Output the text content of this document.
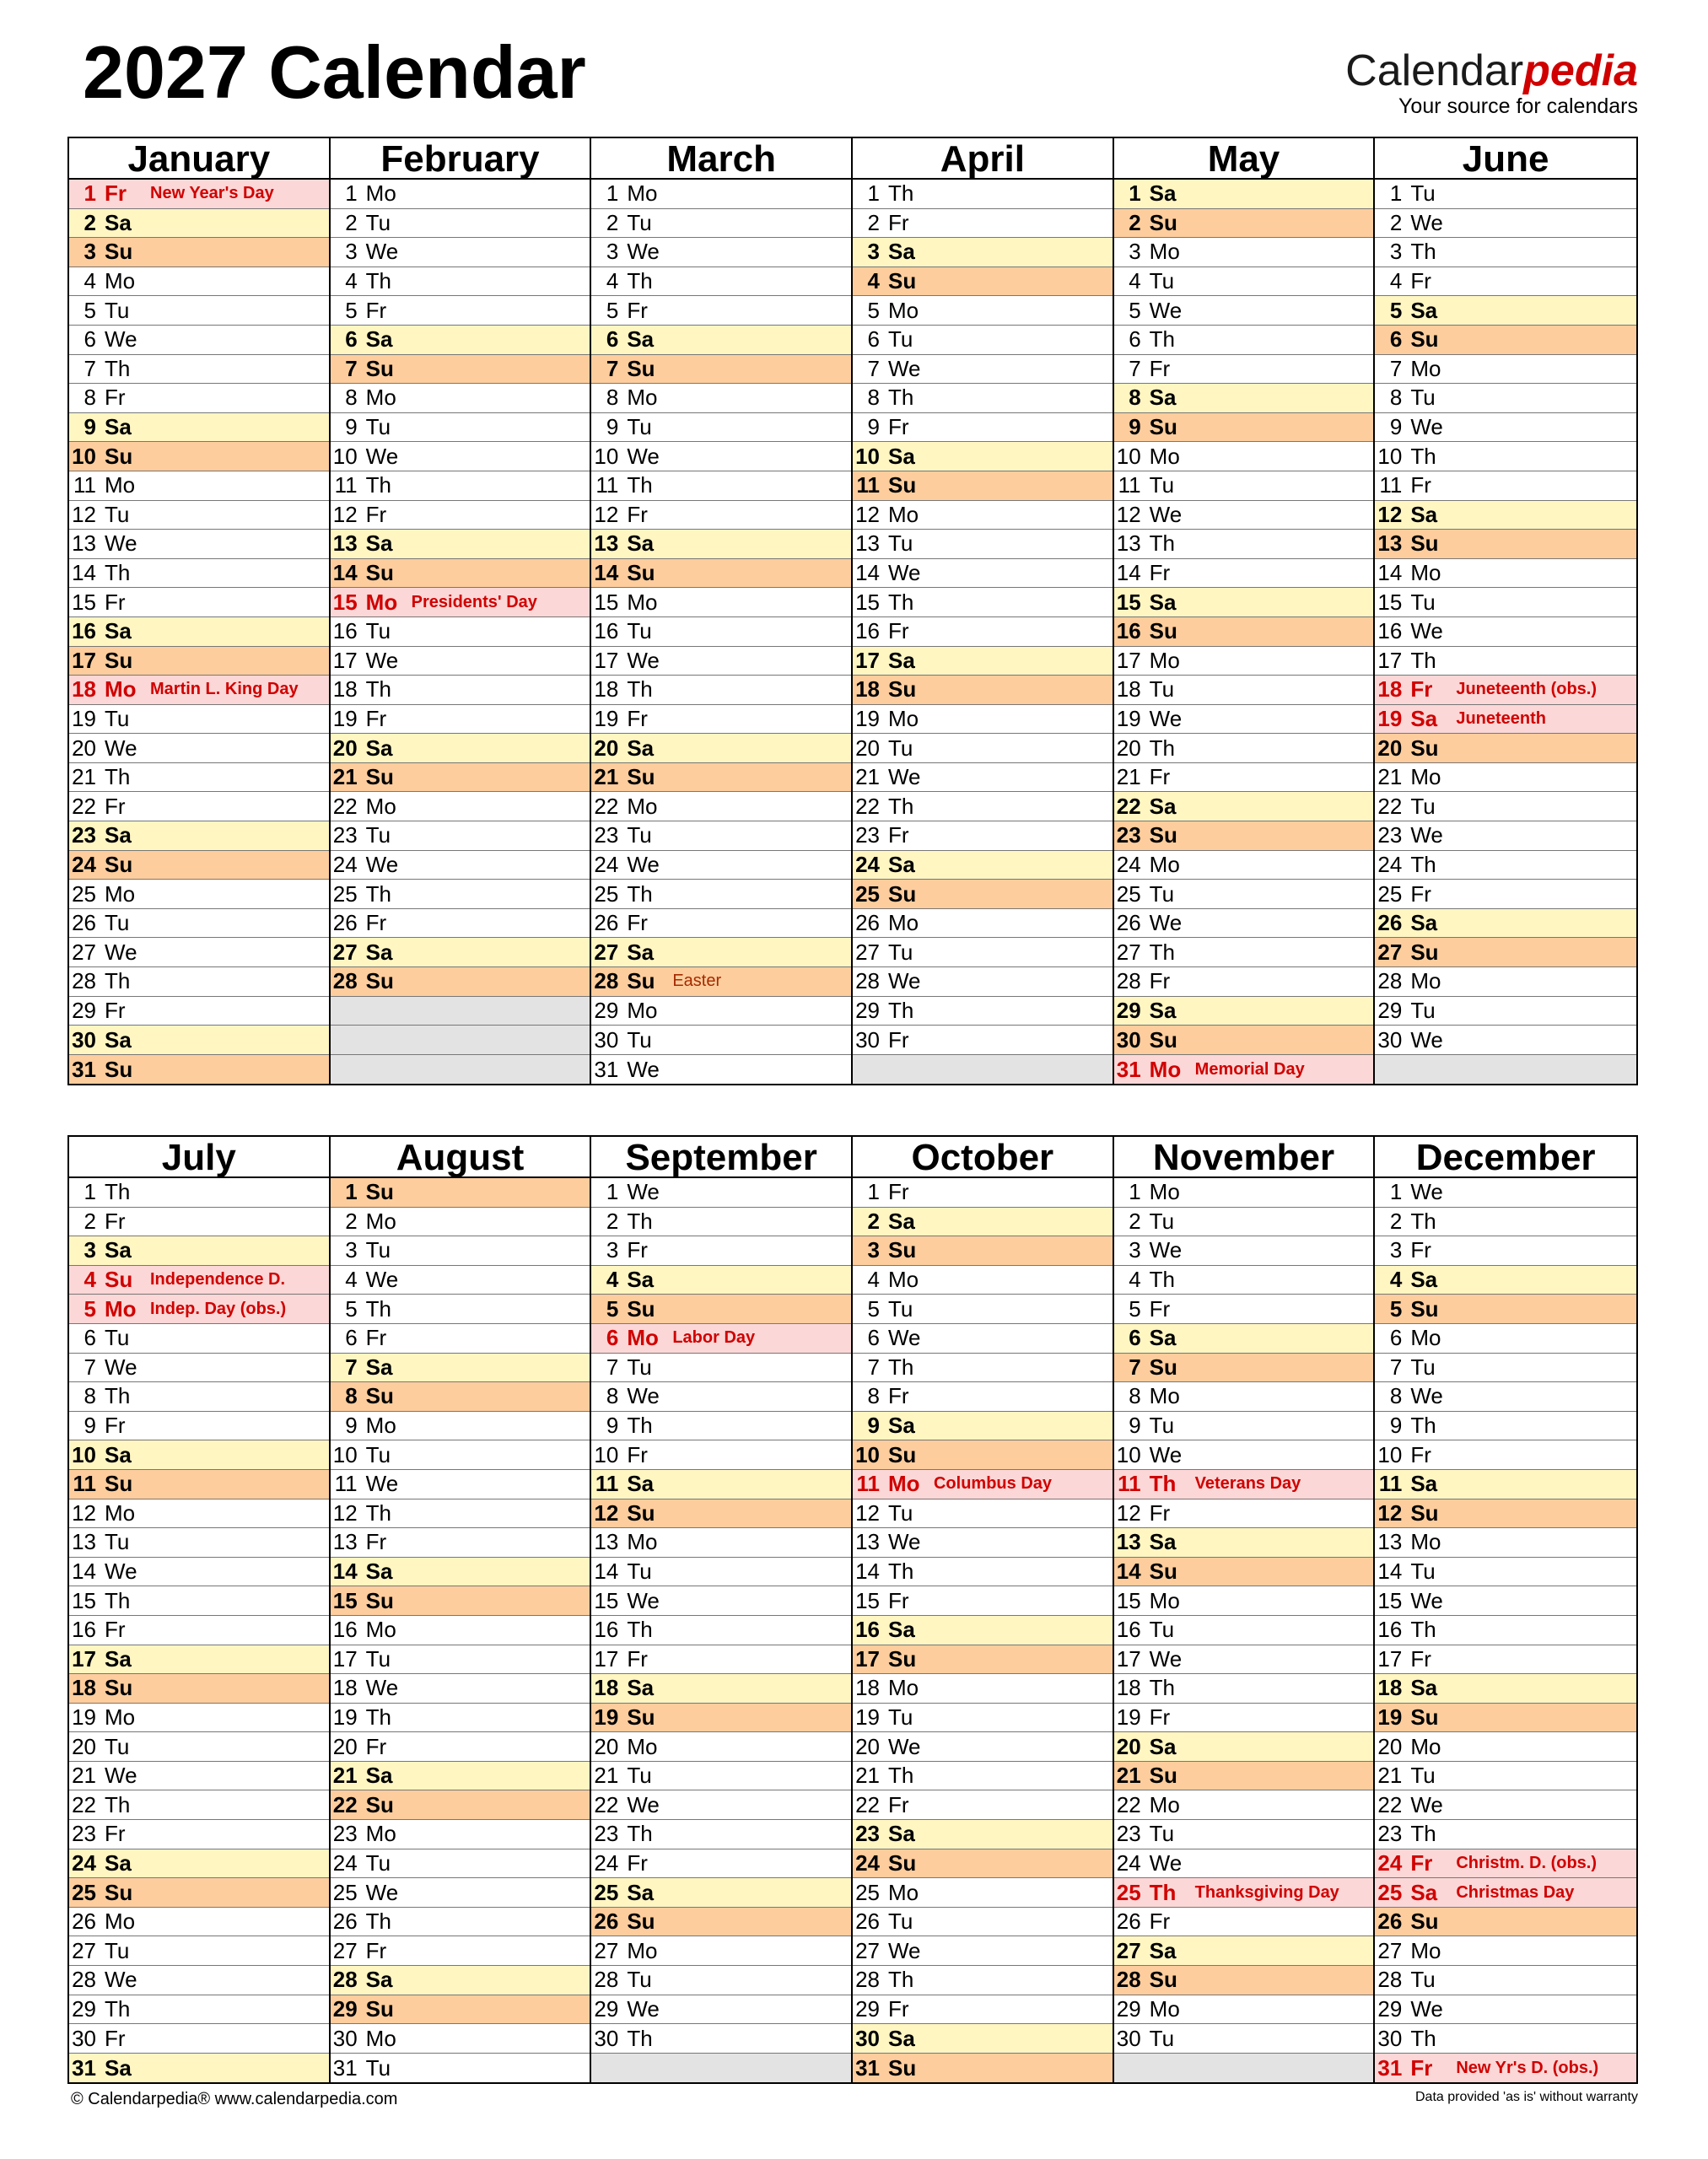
2027 Calendar	Calendarpedia
Your source for calendars
January
1 Fr	New Year's Day
2 Sa
3 Su
4 Mo
5 Tu
6 We
7 Th
8 Fr
9 Sa
10 Su
11 Mo
12 Tu
13 We
14 Th
15 Fr
16 Sa
17 Su
18 Mo Martin L. King Day
19 Tu
20 We
21 Th
22 Fr
23 Sa
24 Su
25 Mo
26 Tu
27 We
28 Th
29 Fr
30 Sa
31 Su
February
1 Mo
2 Tu
3 We
4 Th
5 Fr
6 Sa
7 Su
8 Mo
9 Tu
10 We
11 Th
12 Fr
13 Sa
14 Su
15 Mo Presidents' Day
16 Tu
17 We
18 Th
19 Fr
20 Sa
21 Su
22 Mo
23 Tu
24 We
25 Th
26 Fr
27 Sa
28 Su
March
1 Mo
2 Tu
3 We
4 Th
5 Fr
6 Sa
7 Su
8 Mo
9 Tu
10 We
11 Th
12 Fr
13 Sa
14 Su
15 Mo
16 Tu
17 We
18 Th
19 Fr
20 Sa
21 Su
22 Mo
23 Tu
24 We
25 Th
26 Fr
27 Sa
28 Su	Easter
29 Mo
30 Tu
31 We
April
1 Th
2 Fr
3 Sa
4 Su
5 Mo
6 Tu
7 We
8 Th
9 Fr
10 Sa
11 Su
12 Mo
13 Tu
14 We
15 Th
16 Fr
17 Sa
18 Su
19 Mo
20 Tu
21 We
22 Th
23 Fr
24 Sa
25 Su
26 Mo
27 Tu
28 We
29 Th
30 Fr
May
1 Sa
2 Su
3 Mo
4 Tu
5 We
6 Th
7 Fr
8 Sa
9 Su
10 Mo
11 Tu
12 We
13 Th
14 Fr
15 Sa
16 Su
17 Mo
18 Tu
19 We
20 Th
21 Fr
22 Sa
23 Su
24 Mo
25 Tu
26 We
27 Th
28 Fr
29 Sa
30 Su
31 Mo Memorial Day
June
1 Tu
2 We
3 Th
4 Fr
5 Sa
6 Su
7 Mo
8 Tu
9 We
10 Th
11 Fr
12 Sa
13 Su
14 Mo
15 Tu
16 We
17 Th
18 Fr	Juneteenth (obs.)
19 Sa	Juneteenth
20 Su
21 Mo
22 Tu
23 We
24 Th
25 Fr
26 Sa
27 Su
28 Mo
29 Tu
30 We
July
1 Th
2 Fr
3 Sa
4 Su	Independence D.
5 Mo Indep. Day (obs.)
6 Tu
7 We
8 Th
9 Fr
10 Sa
11 Su
12 Mo
13 Tu
14 We
15 Th
16 Fr
17 Sa
18 Su
19 Mo
20 Tu
21 We
22 Th
23 Fr
24 Sa
25 Su
26 Mo
27 Tu
28 We
29 Th
30 Fr
31 Sa
August
1 Su
2 Mo
3 Tu
4 We
5 Th
6 Fr
7 Sa
8 Su
9 Mo
10 Tu
11 We
12 Th
13 Fr
14 Sa
15 Su
16 Mo
17 Tu
18 We
19 Th
20 Fr
21 Sa
22 Su
23 Mo
24 Tu
25 We
26 Th
27 Fr
28 Sa
29 Su
30 Mo
31 Tu
September
1 We
2 Th
3 Fr
4 Sa
5 Su
6 Mo Labor Day
7 Tu
8 We
9 Th
10 Fr
11 Sa
12 Su
13 Mo
14 Tu
15 We
16 Th
17 Fr
18 Sa
19 Su
20 Mo
21 Tu
22 We
23 Th
24 Fr
25 Sa
26 Su
27 Mo
28 Tu
29 We
30 Th
October
1 Fr
2 Sa
3 Su
4 Mo
5 Tu
6 We
7 Th
8 Fr
9 Sa
10 Su
11 Mo Columbus Day
12 Tu
13 We
14 Th
15 Fr
16 Sa
17 Su
18 Mo
19 Tu
20 We
21 Th
22 Fr
23 Sa
24 Su
25 Mo
26 Tu
27 We
28 Th
29 Fr
30 Sa
31 Su
November
1 Mo
2 Tu
3 We
4 Th
5 Fr
6 Sa
7 Su
8 Mo
9 Tu
10 We
11 Th	Veterans Day
12 Fr
13 Sa
14 Su
15 Mo
16 Tu
17 We
18 Th
19 Fr
20 Sa
21 Su
22 Mo
23 Tu
24 We
25 Th	Thanksgiving Day
26 Fr
27 Sa
28 Su
29 Mo
30 Tu
December
1 We
2 Th
3 Fr
4 Sa
5 Su
6 Mo
7 Tu
8 We
9 Th
10 Fr
11 Sa
12 Su
13 Mo
14 Tu
15 We
16 Th
17 Fr
18 Sa
19 Su
20 Mo
21 Tu
22 We
23 Th
24 Fr	Christm. D. (obs.)
25 Sa	Christmas Day
26 Su
27 Mo
28 Tu
29 We
30 Th
31 Fr	New Yr's D. (obs.)
© Calendarpedia® www.calendarpedia.com	Data provided 'as is' without warranty
